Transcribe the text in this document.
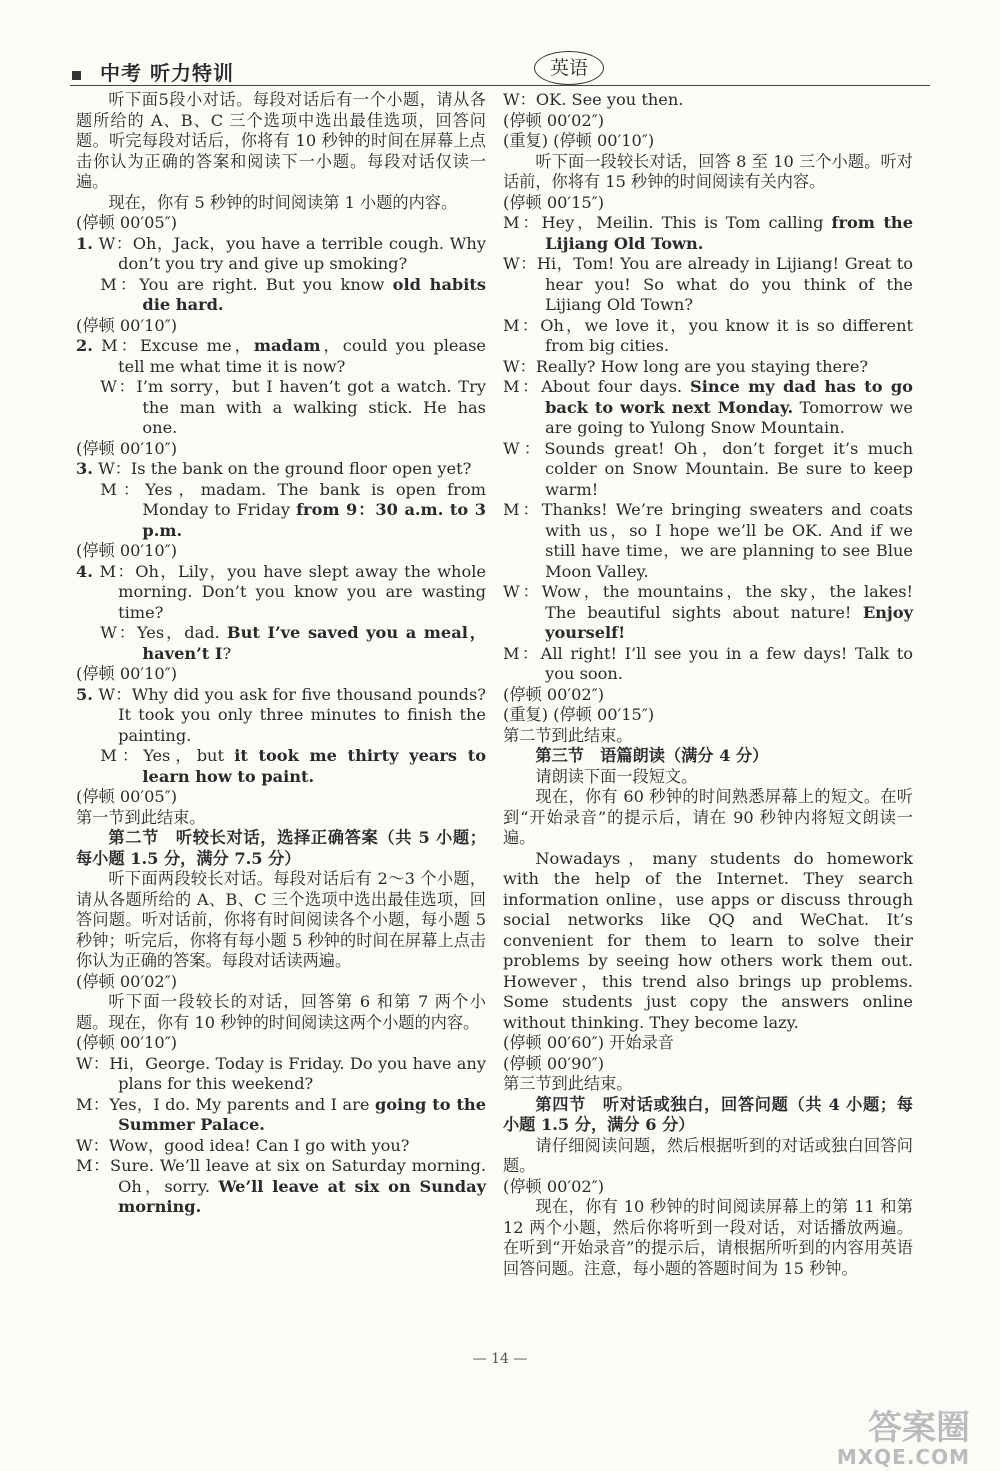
中考 听力特训	英语

听下面5段小对话。每段对话后有一个小题，请从各题所给的 A、B、C 三个选项中选出最佳选项，回答问题。听完每段对话后，你将有 10 秒钟的时间在屏幕上点击你认为正确的答案和阅读下一小题。每段对话仅读一遍。

现在，你有 5 秒钟的时间阅读第 1 小题的内容。

(停顿 00′05″)

1. W：Oh，Jack，you have a terrible cough. Why don’t you try and give up smoking?

M：You are right. But you know old habits die hard.

(停顿 00′10″)

2. M：Excuse me，madam，could you please tell me what time it is now?

W：I’m sorry，but I haven’t got a watch. Try the man with a walking stick. He has one.

(停顿 00′10″)

3. W：Is the bank on the ground floor open yet?

M：Yes，madam. The bank is open from Monday to Friday from 9：30 a.m. to 3 p.m.

(停顿 00′10″)

4. M：Oh，Lily，you have slept away the whole morning. Don’t you know you are wasting time?

W：Yes，dad. But I’ve saved you a meal，haven’t I?

(停顿 00′10″)

5. W：Why did you ask for five thousand pounds? It took you only three minutes to finish the painting.

M：Yes，but it took me thirty years to learn how to paint.

(停顿 00′05″)

第一节到此结束。

第二节　听较长对话，选择正确答案（共 5 小题；每小题 1.5 分，满分 7.5 分）

听下面两段较长对话。每段对话后有 2～3 个小题，请从各题所给的 A、B、C 三个选项中选出最佳选项，回答问题。听对话前，你将有时间阅读各个小题，每小题 5 秒钟；听完后，你将有每小题 5 秒钟的时间在屏幕上点击你认为正确的答案。每段对话读两遍。

(停顿 00′02″)

听下面一段较长的对话，回答第 6 和第 7 两个小题。现在，你有 10 秒钟的时间阅读这两个小题的内容。

(停顿 00′10″)

W：Hi，George. Today is Friday. Do you have any plans for this weekend?

M：Yes，I do. My parents and I are going to the Summer Palace.

W：Wow，good idea! Can I go with you?

M：Sure. We’ll leave at six on Saturday morning. Oh，sorry. We’ll leave at six on Sunday morning.

W：OK. See you then.

(停顿 00′02″)

(重复) (停顿 00′10″)

听下面一段较长对话，回答 8 至 10 三个小题。听对话前，你将有 15 秒钟的时间阅读有关内容。

(停顿 00′15″)

M：Hey，Meilin. This is Tom calling from the Lijiang Old Town.

W：Hi，Tom! You are already in Lijiang! Great to hear you! So what do you think of the Lijiang Old Town?

M：Oh，we love it，you know it is so different from big cities.

W：Really? How long are you staying there?

M：About four days. Since my dad has to go back to work next Monday. Tomorrow we are going to Yulong Snow Mountain.

W：Sounds great! Oh，don’t forget it’s much colder on Snow Mountain. Be sure to keep warm!

M：Thanks! We’re bringing sweaters and coats with us，so I hope we’ll be OK. And if we still have time，we are planning to see Blue Moon Valley.

W：Wow，the mountains，the sky，the lakes! The beautiful sights about nature! Enjoy yourself!

M：All right! I’ll see you in a few days! Talk to you soon.

(停顿 00′02″)

(重复) (停顿 00′15″)

第二节到此结束。

第三节　语篇朗读（满分 4 分）

请朗读下面一段短文。

现在，你有 60 秒钟的时间熟悉屏幕上的短文。在听到“开始录音”的提示后，请在 90 秒钟内将短文朗读一遍。

Nowadays，many students do homework with the help of the Internet. They search information online，use apps or discuss through social networks like QQ and WeChat. It’s convenient for them to learn to solve their problems by seeing how others work them out. However，this trend also brings up problems. Some students just copy the answers online without thinking. They become lazy.

(停顿 00′60″) 开始录音

(停顿 00′90″)

第三节到此结束。

第四节　听对话或独白，回答问题（共 4 小题；每小题 1.5 分，满分 6 分）

请仔细阅读问题，然后根据听到的对话或独白回答问题。

(停顿 00′02″)

现在，你有 10 秒钟的时间阅读屏幕上的第 11 和第 12 两个小题，然后你将听到一段对话，对话播放两遍。在听到“开始录音”的提示后，请根据所听到的内容用英语回答问题。注意，每小题的答题时间为 15 秒钟。

— 14 —
答案圈
MXQE.COM
